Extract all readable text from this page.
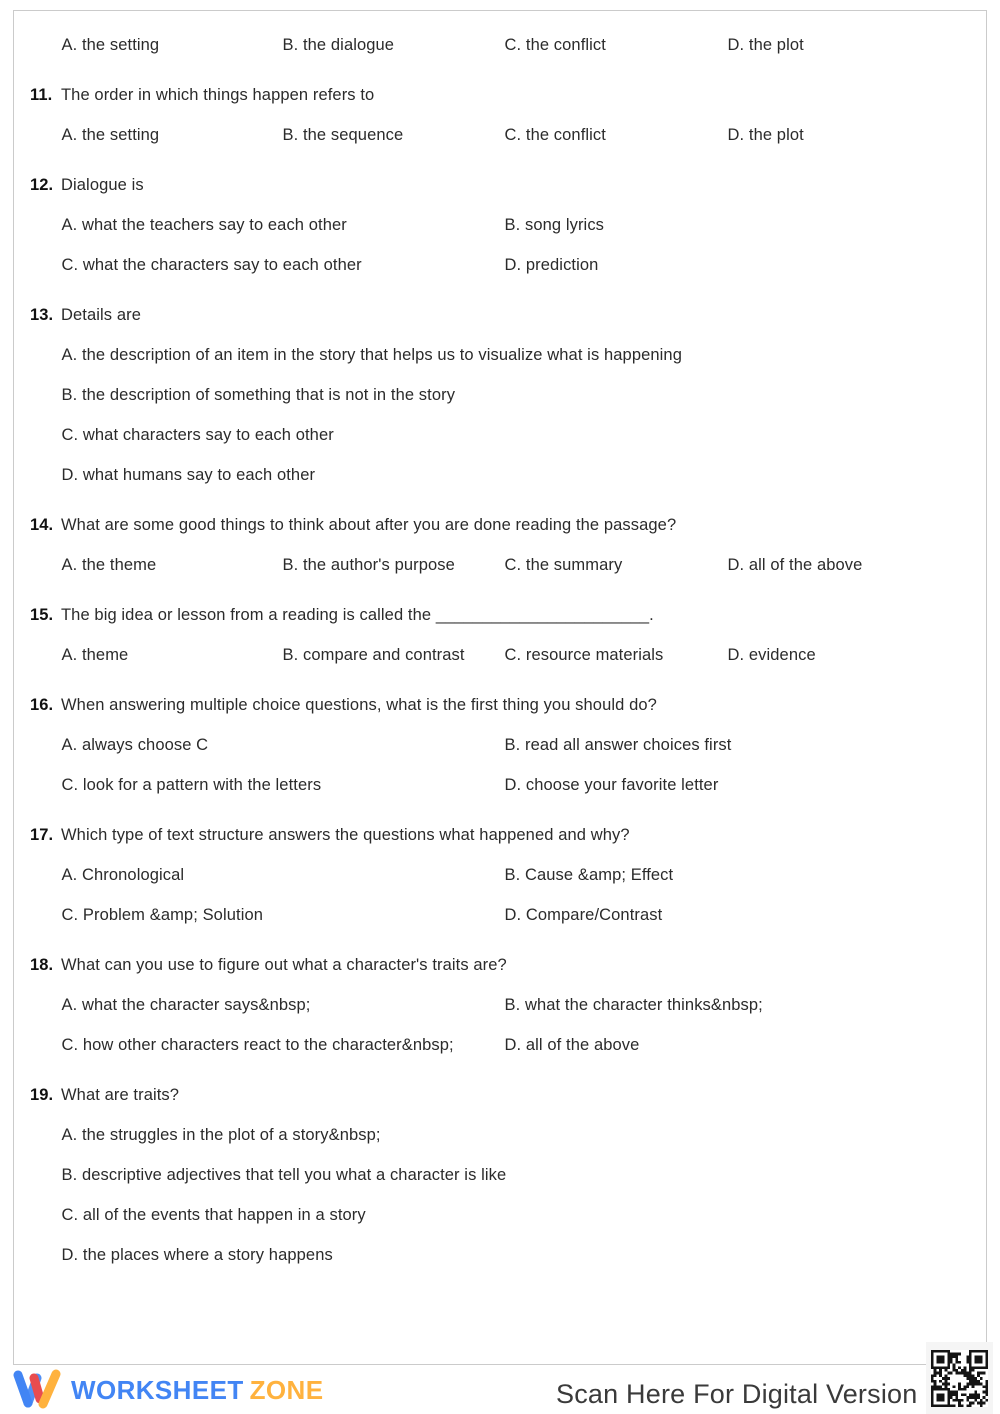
A. the setting	B. the dialogue	C. the conflict	D. the plot
11. The order in which things happen refers to
A. the setting	B. the sequence	C. the conflict	D. the plot
12. Dialogue is
A. what the teachers say to each other	B. song lyrics
C. what the characters say to each other	D. prediction
13. Details are
A. the description of an item in the story that helps us to visualize what is happening
B. the description of something that is not in the story
C. what characters say to each other
D. what humans say to each other
14. What are some good things to think about after you are done reading the passage?
A. the theme	B. the author's purpose	C. the summary	D. all of the above
15. The big idea or lesson from a reading is called the _______________________.
A. theme	B. compare and contrast	C. resource materials	D. evidence
16. When answering multiple choice questions, what is the first thing you should do?
A. always choose C	B. read all answer choices first
C. look for a pattern with the letters	D. choose your favorite letter
17. Which type of text structure answers the questions what happened and why?
A. Chronological	B. Cause &amp; Effect
C. Problem &amp; Solution	D. Compare/Contrast
18. What can you use to figure out what a character's traits are?
A. what the character says&nbsp;	B. what the character thinks&nbsp;
C. how other characters react to the character&nbsp;	D. all of the above
19. What are traits?
A. the struggles in the plot of a story&nbsp;
B. descriptive adjectives that tell you what a character is like
C. all of the events that happen in a story
D. the places where a story happens
WORKSHEET ZONE	Scan Here For Digital Version
